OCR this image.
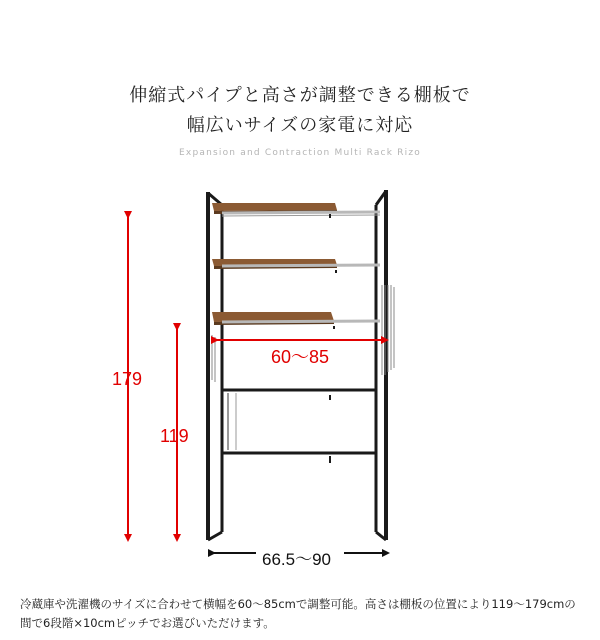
伸縮式パイプと高さが調整できる棚板で
幅広いサイズの家電に対応
Expansion and Contraction Multi Rack Rizo
179
119
60〜85
66.5〜90
冷蔵庫や洗濯機のサイズに合わせて横幅を60〜85cmで調整可能。高さは棚板の位置により119〜179cmの間で6段階×10cmピッチでお選びいただけます。
